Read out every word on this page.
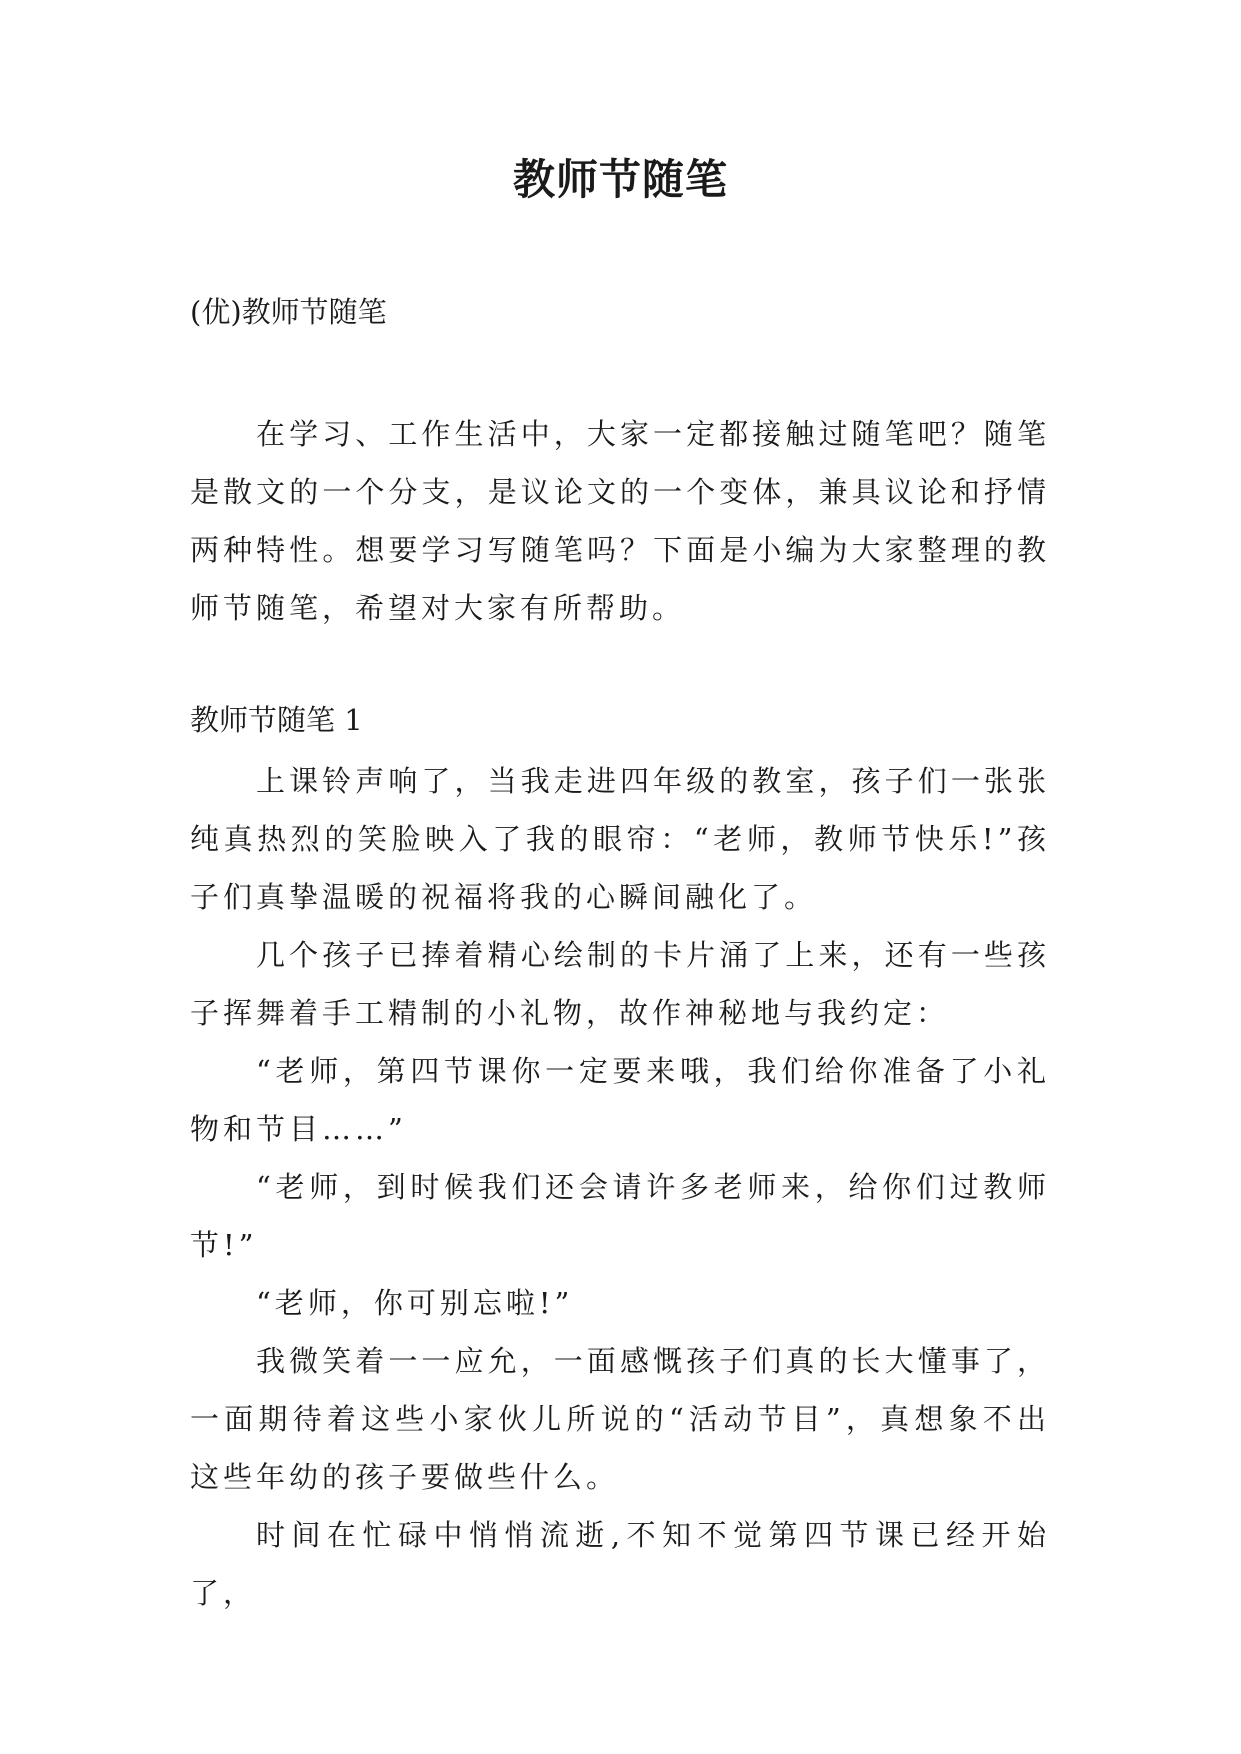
教师节随笔
(优)教师节随笔
在学习、工作生活中，大家一定都接触过随笔吧？随笔是散文的一个分支，是议论文的一个变体，兼具议论和抒情两种特性。想要学习写随笔吗？下面是小编为大家整理的教师节随笔，希望对大家有所帮助。
教师节随笔 1

上课铃声响了，当我走进四年级的教室，孩子们一张张纯真热烈的笑脸映入了我的眼帘：“老师，教师节快乐!”孩子们真挚温暖的祝福将我的心瞬间融化了。

几个孩子已捧着精心绘制的卡片涌了上来，还有一些孩子挥舞着手工精制的小礼物，故作神秘地与我约定：

“老师，第四节课你一定要来哦，我们给你准备了小礼物和节目……”

“老师，到时候我们还会请许多老师来，给你们过教师节!”

“老师，你可别忘啦!”

我微笑着一一应允，一面感慨孩子们真的长大懂事了，一面期待着这些小家伙儿所说的“活动节目”，真想象不出这些年幼的孩子要做些什么。

时间在忙碌中悄悄流逝,不知不觉第四节课已经开始了，
